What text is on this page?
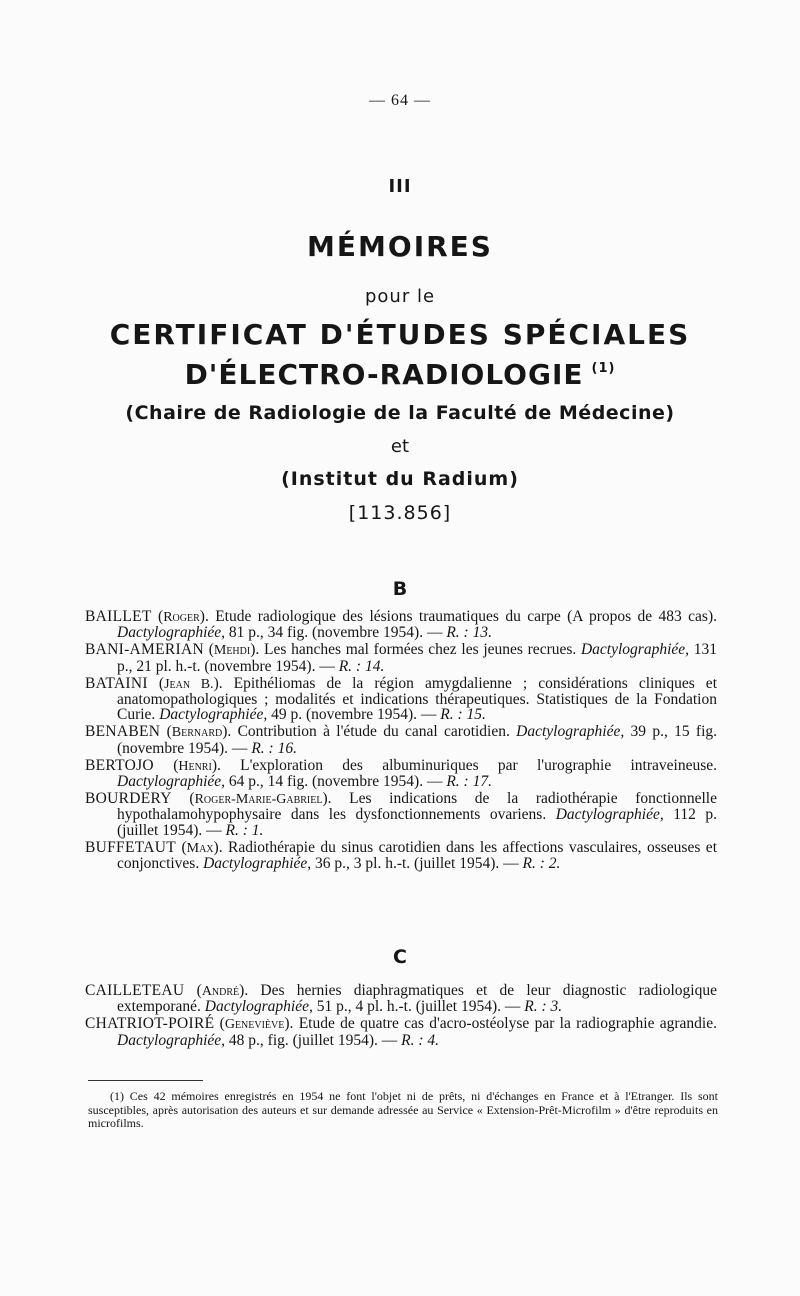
— 64 —
III
MÉMOIRES
pour le
CERTIFICAT D'ÉTUDES SPÉCIALES
D'ÉLECTRO-RADIOLOGIE $^{(1)}$
(Chaire de Radiologie de la Faculté de Médecine)
et
(Institut du Radium)
[113.856]
B

BAILLET (Roger). Etude radiologique des lésions traumatiques du carpe (A propos de 483 cas). Dactylographiée, 81 p., 34 fig. (novembre 1954). — R. : 13.

BANI-AMERIAN (Mehdi). Les hanches mal formées chez les jeunes recrues. Dactylographiée, 131 p., 21 pl. h.-t. (novembre 1954). — R. : 14.

BATAINI (Jean B.). Epithéliomas de la région amygdalienne ; considérations cliniques et anatomopathologiques ; modalités et indications thérapeutiques. Statistiques de la Fondation Curie. Dactylographiée, 49 p. (novembre 1954). — R. : 15.

BENABEN (Bernard). Contribution à l'étude du canal carotidien. Dactylographiée, 39 p., 15 fig. (novembre 1954). — R. : 16.

BERTOJO (Henri). L'exploration des albuminuriques par l'urographie intraveineuse. Dactylographiée, 64 p., 14 fig. (novembre 1954). — R. : 17.

BOURDERY (Roger-Marie-Gabriel). Les indications de la radiothérapie fonctionnelle hypothalamohypophysaire dans les dysfonctionnements ovariens. Dactylographiée, 112 p. (juillet 1954). — R. : 1.

BUFFETAUT (Max). Radiothérapie du sinus carotidien dans les affections vasculaires, osseuses et conjonctives. Dactylographiée, 36 p., 3 pl. h.-t. (juillet 1954). — R. : 2.

C

CAILLETEAU (André). Des hernies diaphragmatiques et de leur diagnostic radiologique extemporané. Dactylographiée, 51 p., 4 pl. h.-t. (juillet 1954). — R. : 3.

CHATRIOT-POIRÉ (Geneviève). Etude de quatre cas d'acro-ostéolyse par la radiographie agrandie. Dactylographiée, 48 p., fig. (juillet 1954). — R. : 4.

(1) Ces 42 mémoires enregistrés en 1954 ne font l'objet ni de prêts, ni d'échanges en France et à l'Etranger. Ils sont susceptibles, après autorisation des auteurs et sur demande adressée au Service « Extension-Prêt-Microfilm » d'être reproduits en microfilms.
